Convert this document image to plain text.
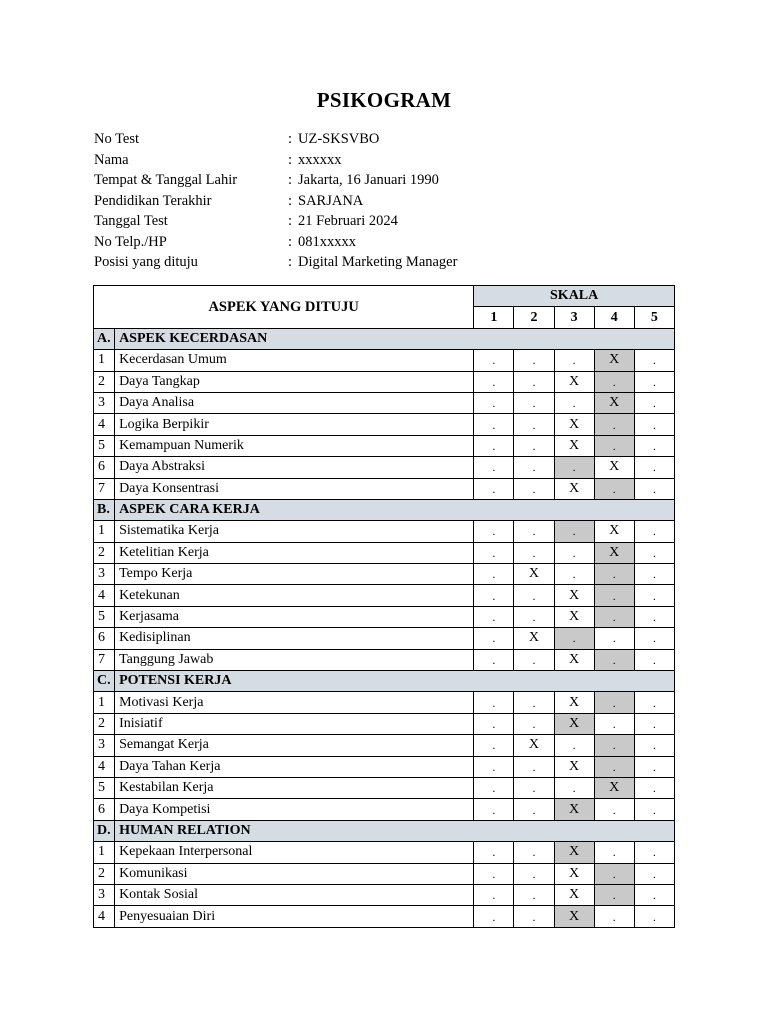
PSIKOGRAM
No Test	: UZ-SKSVBO
Nama	: xxxxxx
Tempat & Tanggal Lahir	: Jakarta, 16 Januari 1990
Pendidikan Terakhir	: SARJANA
Tanggal Test	: 21 Februari 2024
No Telp./HP	: 081xxxxx
Posisi yang dituju	: Digital Marketing Manager
ASPEK YANG DITUJU		SKALA				
		1	2	3	4	5
A.	ASPEK KECERDASAN					
1	Kecerdasan Umum	.	.	.	X	.
2	Daya Tangkap	.	.	X	.	.
3	Daya Analisa	.	.	.	X	.
4	Logika Berpikir	.	.	X	.	.
5	Kemampuan Numerik	.	.	X	.	.
6	Daya Abstraksi	.	.	.	X	.
7	Daya Konsentrasi	.	.	X	.	.
B.	ASPEK CARA KERJA					
1	Sistematika Kerja	.	.	.	X	.
2	Ketelitian Kerja	.	.	.	X	.
3	Tempo Kerja	.	X	.	.	.
4	Ketekunan	.	.	X	.	.
5	Kerjasama	.	.	X	.	.
6	Kedisiplinan	.	X	.	.	.
7	Tanggung Jawab	.	.	X	.	.
C.	POTENSI KERJA					
1	Motivasi Kerja	.	.	X	.	.
2	Inisiatif	.	.	X	.	.
3	Semangat Kerja	.	X	.	.	.
4	Daya Tahan Kerja	.	.	X	.	.
5	Kestabilan Kerja	.	.	.	X	.
6	Daya Kompetisi	.	.	X	.	.
D.	HUMAN RELATION					
1	Kepekaan Interpersonal	.	.	X	.	.
2	Komunikasi	.	.	X	.	.
3	Kontak Sosial	.	.	X	.	.
4	Penyesuaian Diri	.	.	X	.	.
